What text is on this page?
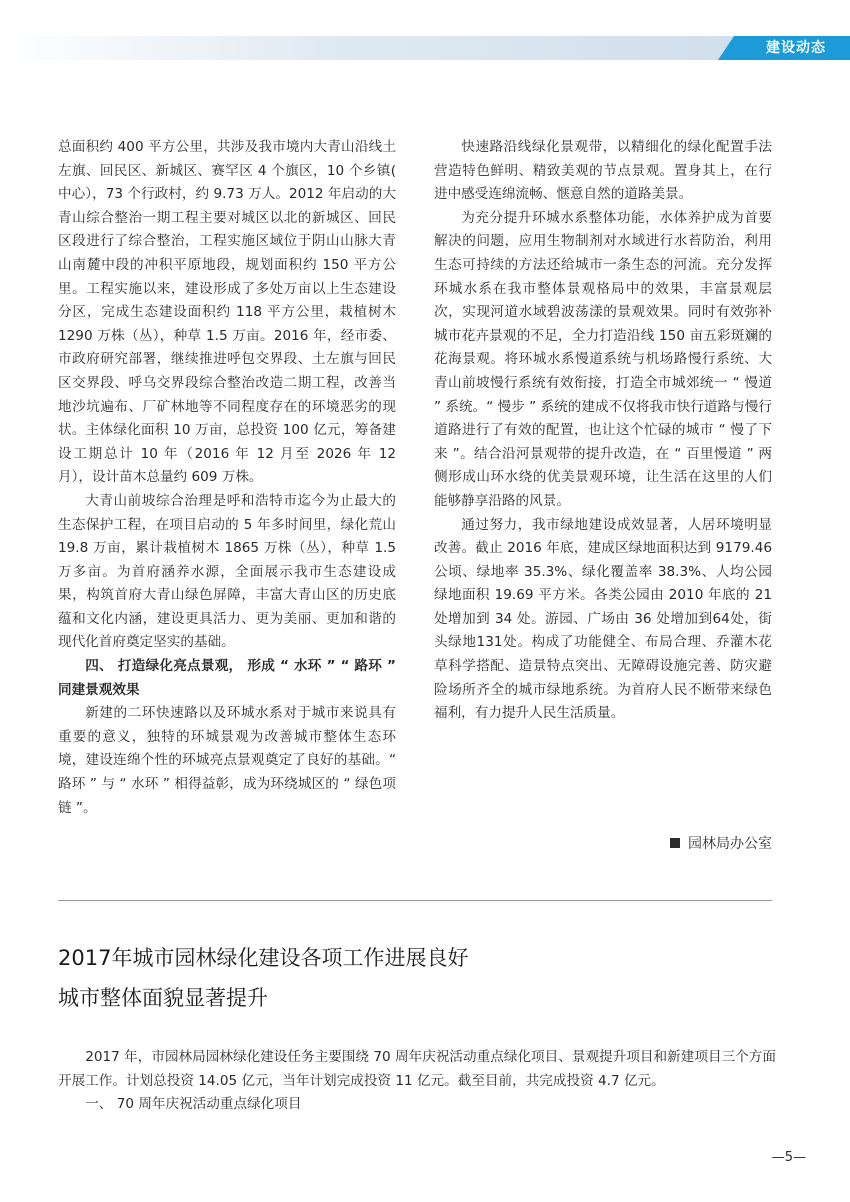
建设动态

总面积约 400 平方公里，共涉及我市境内大青山沿线土左旗、回民区、新城区、赛罕区 4 个旗区，10 个乡镇( 中心），73 个行政村，约 9.73 万人。2012 年启动的大青山综合整治一期工程主要对城区以北的新城区、回民区段进行了综合整治，工程实施区域位于阴山山脉大青山南麓中段的冲积平原地段，规划面积约 150 平方公里。工程实施以来，建设形成了多处万亩以上生态建设分区，完成生态建设面积约 118 平方公里，栽植树木 1290 万株（丛），种草 1.5 万亩。2016 年，经市委、市政府研究部署，继续推进呼包交界段、土左旗与回民区交界段、呼乌交界段综合整治改造二期工程，改善当地沙坑遍布、厂矿林地等不同程度存在的环境恶劣的现状。主体绿化面积 10 万亩，总投资 100 亿元，筹备建设工期总计 10 年（2016 年 12 月至 2026 年 12 月），设计苗木总量约 609 万株。

大青山前坡综合治理是呼和浩特市迄今为止最大的生态保护工程，在项目启动的 5 年多时间里，绿化荒山 19.8 万亩，累计栽植树木 1865 万株（丛），种草 1.5 万多亩。为首府涵养水源，全面展示我市生态建设成果，构筑首府大青山绿色屏障，丰富大青山区的历史底蕴和文化内涵，建设更具活力、更为美丽、更加和谐的现代化首府奠定坚实的基础。

四、 打造绿化亮点景观， 形成 “ 水环 ” “ 路环 ” 同建景观效果

新建的二环快速路以及环城水系对于城市来说具有重要的意义，独特的环城景观为改善城市整体生态环境，建设连绵个性的环城亮点景观奠定了良好的基础。“ 路环 ” 与 “ 水环 ” 相得益彰，成为环绕城区的 “ 绿色项链 ”。

快速路沿线绿化景观带，以精细化的绿化配置手法营造特色鲜明、精致美观的节点景观。置身其上，在行进中感受连绵流畅、惬意自然的道路美景。

为充分提升环城水系整体功能，水体养护成为首要解决的问题，应用生物制剂对水域进行水苔防治，利用生态可持续的方法还给城市一条生态的河流。充分发挥环城水系在我市整体景观格局中的效果，丰富景观层次，实现河道水域碧波荡漾的景观效果。同时有效弥补城市花卉景观的不足，全力打造沿线 150 亩五彩斑斓的花海景观。将环城水系慢道系统与机场路慢行系统、大青山前坡慢行系统有效衔接，打造全市城郊统一 “ 慢道 ” 系统。“ 慢步 ” 系统的建成不仅将我市快行道路与慢行道路进行了有效的配置，也让这个忙碌的城市 “ 慢了下来 ”。结合沿河景观带的提升改造，在 “ 百里慢道 ” 两侧形成山环水绕的优美景观环境，让生活在这里的人们能够静享沿路的风景。

通过努力，我市绿地建设成效显著，人居环境明显改善。截止 2016 年底，建成区绿地面积达到 9179.46 公顷、绿地率 35.3%、绿化覆盖率 38.3%、人均公园绿地面积 19.69 平方米。各类公园由 2010 年底的 21 处增加到 34 处。游园、广场由 36 处增加到64处，街头绿地131处。构成了功能健全、布局合理、乔灌木花草科学搭配、造景特点突出、无障碍设施完善、防灾避险场所齐全的城市绿地系统。为首府人民不断带来绿色福利，有力提升人民生活质量。

园林局办公室
2017年城市园林绿化建设各项工作进展良好
城市整体面貌显著提升

2017 年，市园林局园林绿化建设任务主要围绕 70 周年庆祝活动重点绿化项目、景观提升项目和新建项目三个方面开展工作。计划总投资 14.05 亿元，当年计划完成投资 11 亿元。截至目前，共完成投资 4.7 亿元。

一、 70 周年庆祝活动重点绿化项目

—5—
